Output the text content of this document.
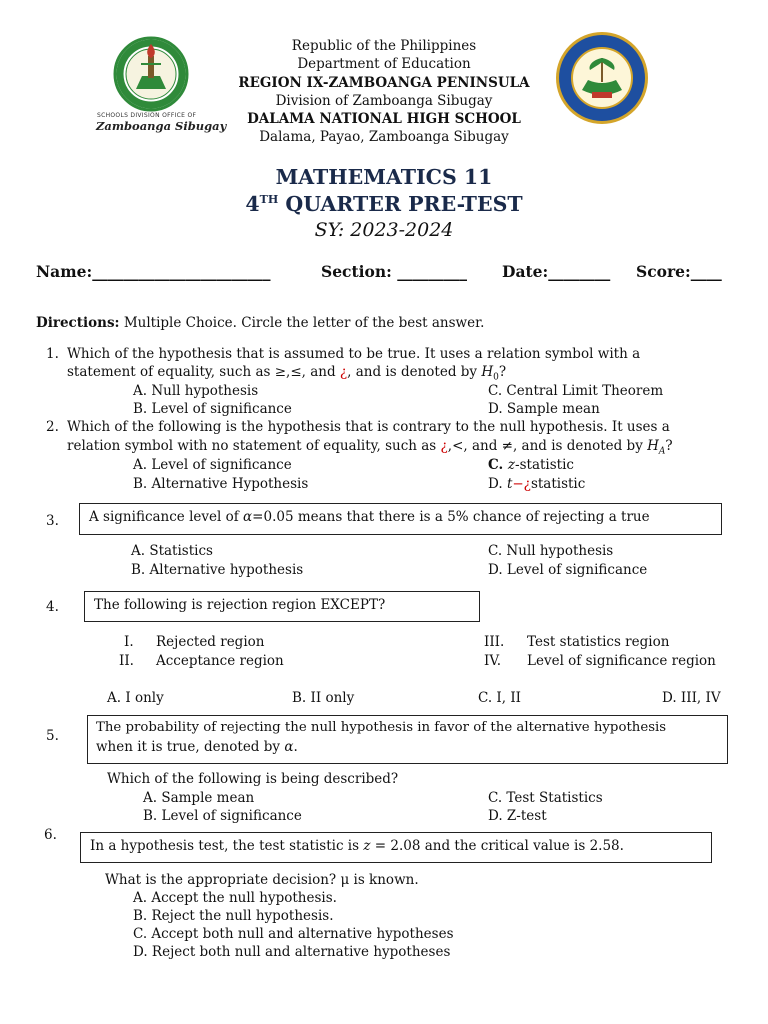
SCHOOLS DIVISION OFFICE OF
Zamboanga Sibugay
Republic of the Philippines
Department of Education
REGION IX-ZAMBOANGA PENINSULA
Division of Zamboanga Sibugay
DALAMA NATIONAL HIGH SCHOOL
Dalama, Payao, Zamboanga Sibugay
MATHEMATICS 11
4TH QUARTER PRE-TEST
SY: 2023-2024
Name:_______________________	Section: _________ Date:________ Score:____
Directions: Multiple Choice. Circle the letter of the best answer.
1. Which of the hypothesis that is assumed to be true. It uses a relation symbol with a
statement of equality, such as ≥,≤, and ¿, and is denoted by $H_0$?
A. Null hypothesis
B. Level of significance
C. Central Limit Theorem
D. Sample mean
2. Which of the following is the hypothesis that is contrary to the null hypothesis. It uses a
relation symbol with no statement of equality, such as ¿,<, and ≠, and is denoted by $H_A$?
A. Level of significance
B. Alternative Hypothesis
C. z-statistic
D. t−¿statistic
3.	A significance level of α=0.05 means that there is a 5% chance of rejecting a true
A. Statistics
B. Alternative hypothesis
C. Null hypothesis
D. Level of significance
4.	The following is rejection region EXCEPT?
I. Rejected region
II. Acceptance region
III. Test statistics region
IV. Level of significance region
A. I only	B. II only	C. I, II	D. III, IV
5.
The probability of rejecting the null hypothesis in favor of the alternative hypothesis
when it is true, denoted by α.
Which of the following is being described?
A. Sample mean
B. Level of significance
C. Test Statistics
D. Z-test
6.
In a hypothesis test, the test statistic is z = 2.08 and the critical value is 2.58.
What is the appropriate decision? μ is known.
A. Accept the null hypothesis.
B. Reject the null hypothesis.
C. Accept both null and alternative hypotheses
D. Reject both null and alternative hypotheses
